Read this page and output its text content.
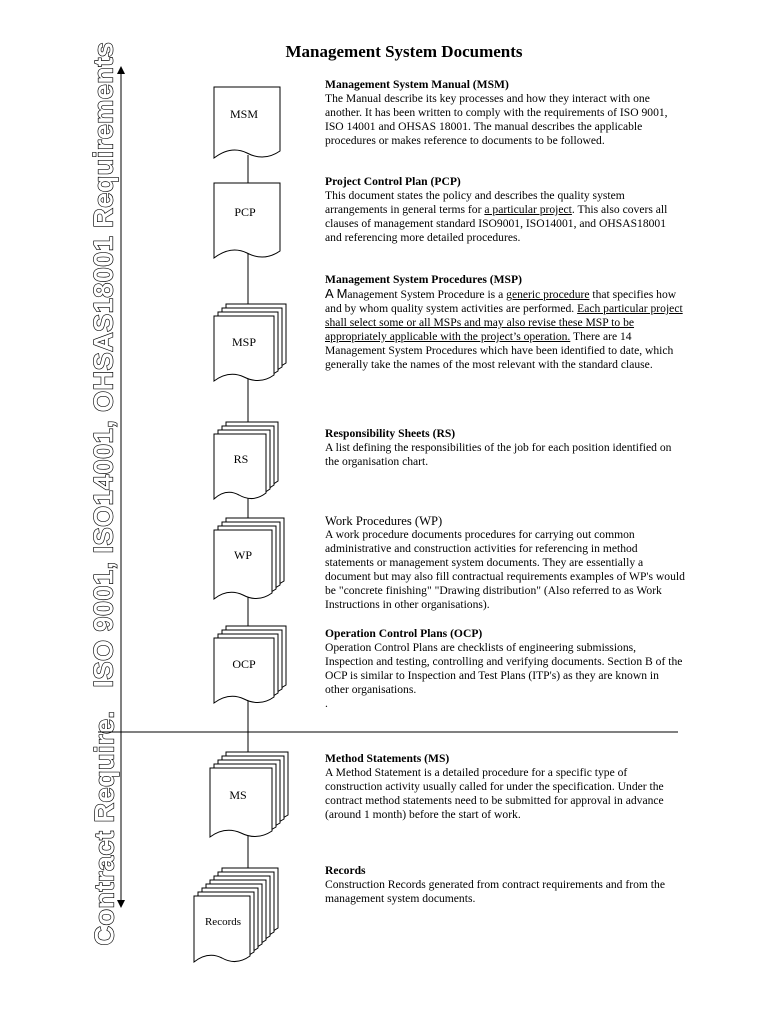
Management System Documents
ISO 9001, ISO14001, OHSAS18001 Requirements
Contract Require.
MSM
PCP
MSP
RS
WP
OCP
MS
Records
Management System Manual (MSM)
The Manual describe its key processes and how they interact with one another. It has been written to comply with the requirements of ISO 9001, ISO 14001 and OHSAS 18001. The manual describes the applicable procedures or makes reference to documents to be followed.
Project Control Plan (PCP)
This document states the policy and describes the quality system arrangements in general terms for a particular project. This also covers all clauses of management standard ISO9001, ISO14001, and OHSAS18001 and referencing more detailed procedures.
Management System Procedures (MSP)
A Management System Procedure is a generic procedure that specifies how and by whom quality system activities are performed. Each particular project shall select some or all MSPs and may also revise these MSP to be appropriately applicable with the project’s operation. There are 14 Management System Procedures which have been identified to date, which generally take the names of the most relevant with the standard clause.
Responsibility Sheets (RS)
A list defining the responsibilities of the job for each position identified on the organisation chart.
Work Procedures (WP)
A work procedure documents procedures for carrying out common administrative and construction activities for referencing in method statements or management system documents. They are essentially a document but may also fill contractual requirements examples of WP's would be "concrete finishing" "Drawing distribution" (Also referred to as Work Instructions in other organisations).
Operation Control Plans (OCP)
Operation Control Plans are checklists of engineering submissions, Inspection and testing, controlling and verifying documents. Section B of the OCP is similar to Inspection and Test Plans (ITP's) as they are known in other organisations.
.
Method Statements (MS)
A Method Statement is a detailed procedure for a specific type of construction activity usually called for under the specification. Under the contract method statements need to be submitted for approval in advance (around 1 month) before the start of work.
Records
Construction Records generated from contract requirements and from the management system documents.
